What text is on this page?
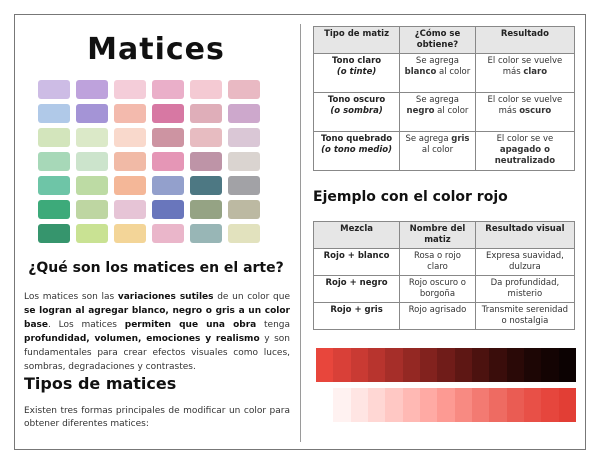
Matices
¿Qué son los matices en el arte?

Los matices son las variaciones sutiles de un color que se logran al agregar blanco, negro o gris a un color base. Los matices permiten que una obra tenga profundidad, volumen, emociones y realismo y son fundamentales para crear efectos visuales como luces, sombras, degradaciones y contrastes.

Tipos de matices

Existen tres formas principales de modificar un color para obtener diferentes matices:

Tipo de matiz	¿Cómo se obtiene?	Resultado
Tono claro
(o tinte)	Se agrega blanco al color	El color se vuelve más claro
Tono oscuro
(o sombra)	Se agrega negro al color	El color se vuelve más oscuro
Tono quebrado
(o tono medio)	Se agrega gris al color	El color se ve apagado o neutralizado
Ejemplo con el color rojo
Mezcla	Nombre del matiz	Resultado visual
Rojo + blanco	Rosa o rojo claro	Expresa suavidad, dulzura
Rojo + negro	Rojo oscuro o borgoña	Da profundidad, misterio
Rojo + gris	Rojo agrisado	Transmite serenidad o nostalgia
